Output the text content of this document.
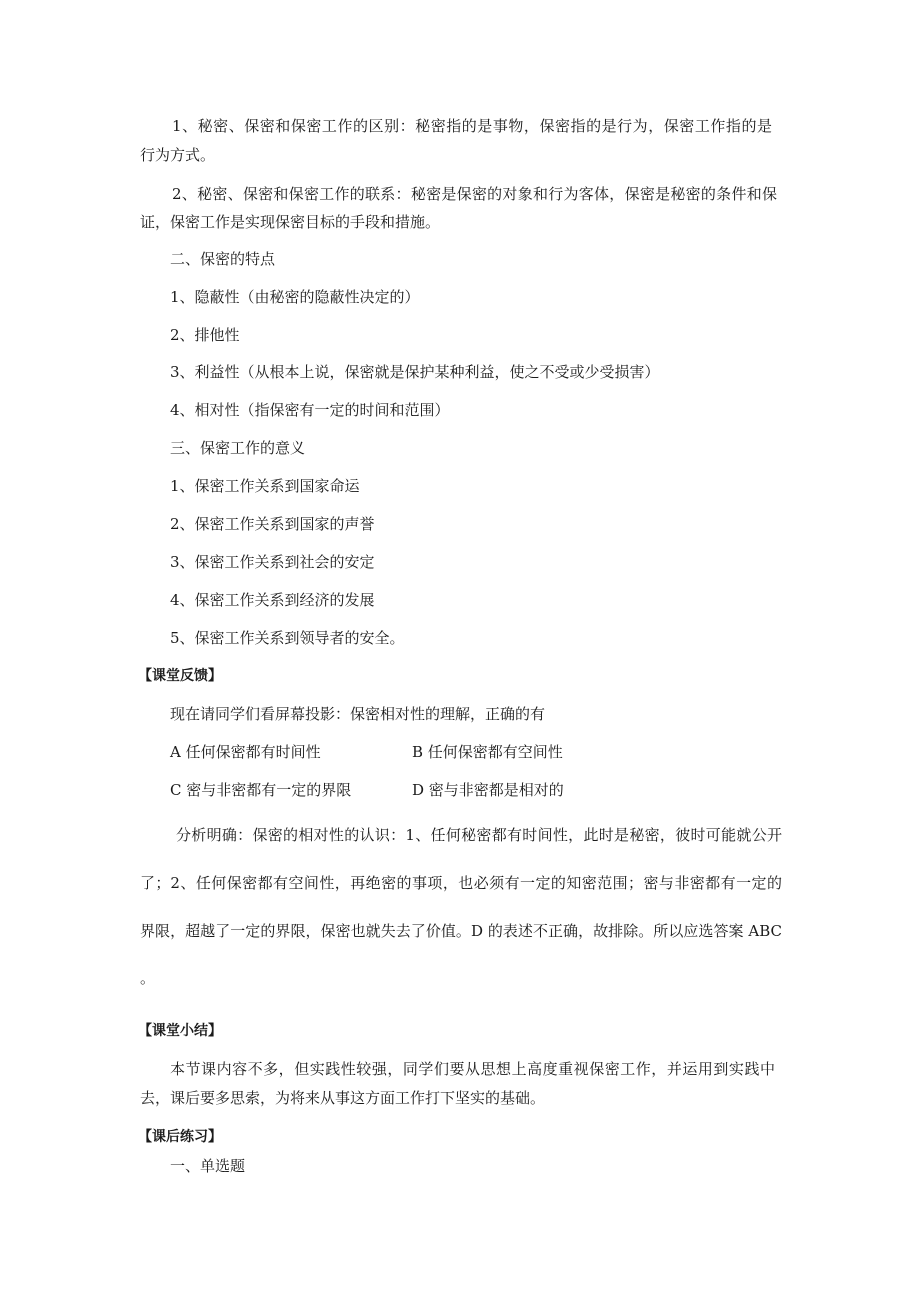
1、秘密、保密和保密工作的区别：秘密指的是事物，保密指的是行为，保密工作指的是
行为方式。
2、秘密、保密和保密工作的联系：秘密是保密的对象和行为客体，保密是秘密的条件和保
证，保密工作是实现保密目标的手段和措施。
二、保密的特点
1、隐蔽性（由秘密的隐蔽性决定的）
2、排他性
3、利益性（从根本上说，保密就是保护某种利益，使之不受或少受损害）
4、相对性（指保密有一定的时间和范围）
三、保密工作的意义
1、保密工作关系到国家命运
2、保密工作关系到国家的声誉
3、保密工作关系到社会的安定
4、保密工作关系到经济的发展
5、保密工作关系到领导者的安全。
【课堂反馈】
现在请同学们看屏幕投影：保密相对性的理解，正确的有
A 任何保密都有时间性	B 任何保密都有空间性
C 密与非密都有一定的界限	D 密与非密都是相对的
分析明确：保密的相对性的认识：1、任何秘密都有时间性，此时是秘密，彼时可能就公开
了；2、任何保密都有空间性，再绝密的事项，也必须有一定的知密范围；密与非密都有一定的
界限，超越了一定的界限，保密也就失去了价值。D 的表述不正确，故排除。所以应选答案 ABC
。
【课堂小结】
本节课内容不多，但实践性较强，同学们要从思想上高度重视保密工作，并运用到实践中
去，课后要多思索，为将来从事这方面工作打下坚实的基础。
【课后练习】
一、单选题
